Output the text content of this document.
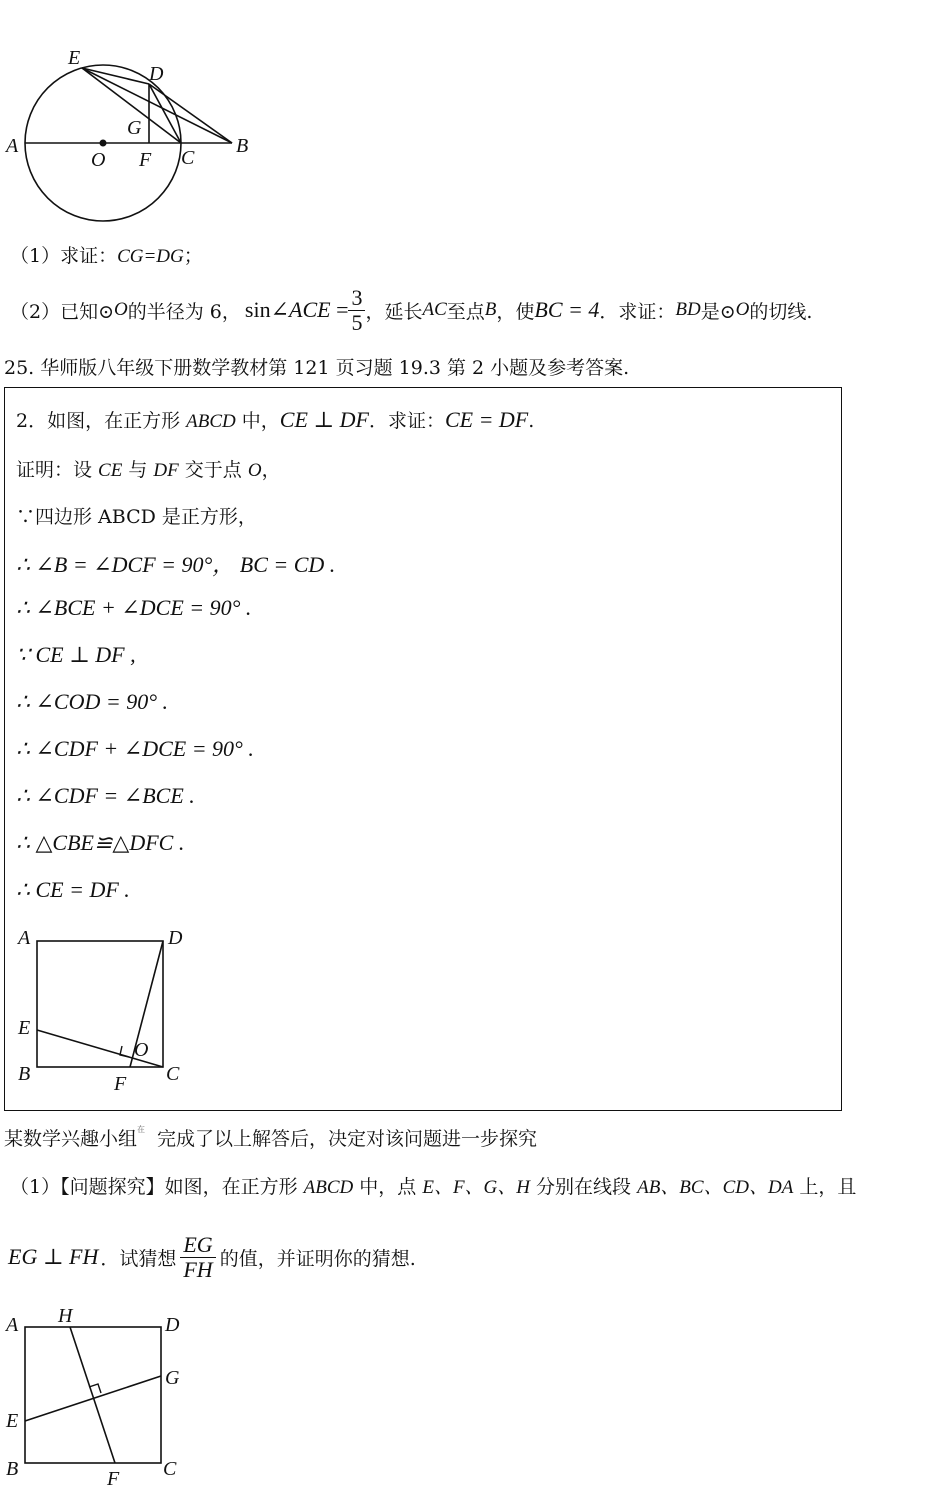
E
D
G
A
O F C
B
（1）求证：CG=DG；
（2）已知⊙ O 的半径为 6， sin∠ACE = $\frac{3}{5}$ ，延长 AC 至点 B ，使 BC = 4 ．求证： BD 是⊙ O 的切线.
25. 华师版八年级下册数学教材第 121 页习题 19.3 第 2 小题及参考答案.
2．如图，在正方形 ABCD 中，CE ⊥ DF．求证：CE = DF.
证明：设 CE 与 DF 交于点 O，
∵四边形 ABCD 是正方形，
∴ ∠B = ∠DCF = 90°， BC = CD .
∴ ∠BCE + ∠DCE = 90° .
∵ CE ⊥ DF ,
∴ ∠COD = 90° .
∴ ∠CDF + ∠DCE = 90° .
∴ ∠CDF = ∠BCE .
∴ △CBE≌△DFC .
∴ CE = DF .
A	D
E
O
B	F C
某数学兴趣小组$^在$ 完成了以上解答后，决定对该问题进一步探究
（1）【问题探究】如图，在正方形 ABCD 中，点 E、F、G、H 分别在线段 AB、BC、CD、DA 上，且
EG ⊥ FH ．试猜想 $\frac{EG}{FH}$ 的值，并证明你的猜想.
A H	D
G
E
B	F C
